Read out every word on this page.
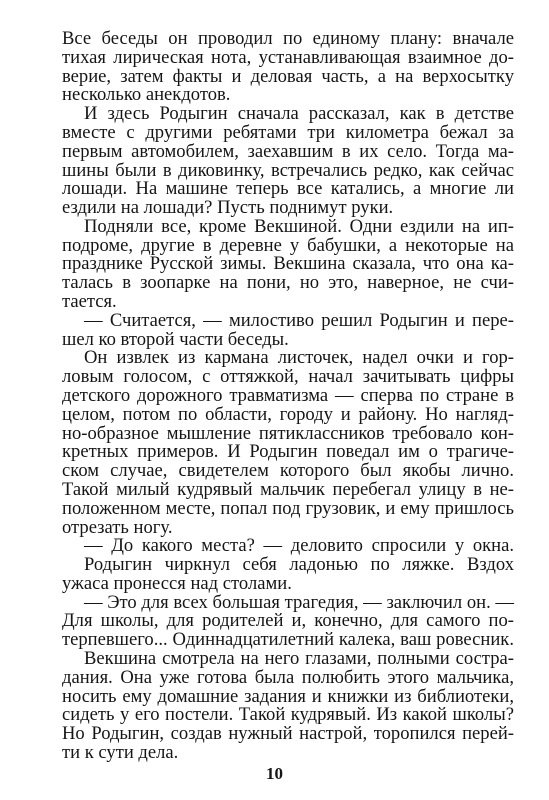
Все беседы он проводил по единому плану: вначале
тихая лирическая нота, устанавливающая взаимное до-
верие, затем факты и деловая часть, а на верхосытку
несколько анекдотов.
И здесь Родыгин сначала рассказал, как в детстве
вместе с другими ребятами три километра бежал за
первым автомобилем, заехавшим в их село. Тогда ма-
шины были в диковинку, встречались редко, как сейчас
лошади. На машине теперь все катались, а многие ли
ездили на лошади? Пусть поднимут руки.
Подняли все, кроме Векшиной. Одни ездили на ип-
подроме, другие в деревне у бабушки, а некоторые на
празднике Русской зимы. Векшина сказала, что она ка-
талась в зоопарке на пони, но это, наверное, не счи-
тается.
— Считается, — милостиво решил Родыгин и пере-
шел ко второй части беседы.
Он извлек из кармана листочек, надел очки и гор-
ловым голосом, с оттяжкой, начал зачитывать цифры
детского дорожного травматизма — сперва по стране в
целом, потом по области, городу и району. Но нагляд-
но-образное мышление пятиклассников требовало кон-
кретных примеров. И Родыгин поведал им о трагиче-
ском случае, свидетелем которого был якобы лично.
Такой милый кудрявый мальчик перебегал улицу в не-
положенном месте, попал под грузовик, и ему пришлось
отрезать ногу.
— До какого места? — деловито спросили у окна.
Родыгин чиркнул себя ладонью по ляжке. Вздох
ужаса пронесся над столами.
— Это для всех большая трагедия, — заключил он. —
Для школы, для родителей и, конечно, для самого по-
терпевшего... Одиннадцатилетний калека, ваш ровесник.
Векшина смотрела на него глазами, полными сострa-
дания. Она уже готова была полюбить этого мальчика,
носить ему домашние задания и книжки из библиотеки,
сидеть у его постели. Такой кудрявый. Из какой школы?
Но Родыгин, создав нужный настрой, торопился перей-
ти к сути дела.
10
